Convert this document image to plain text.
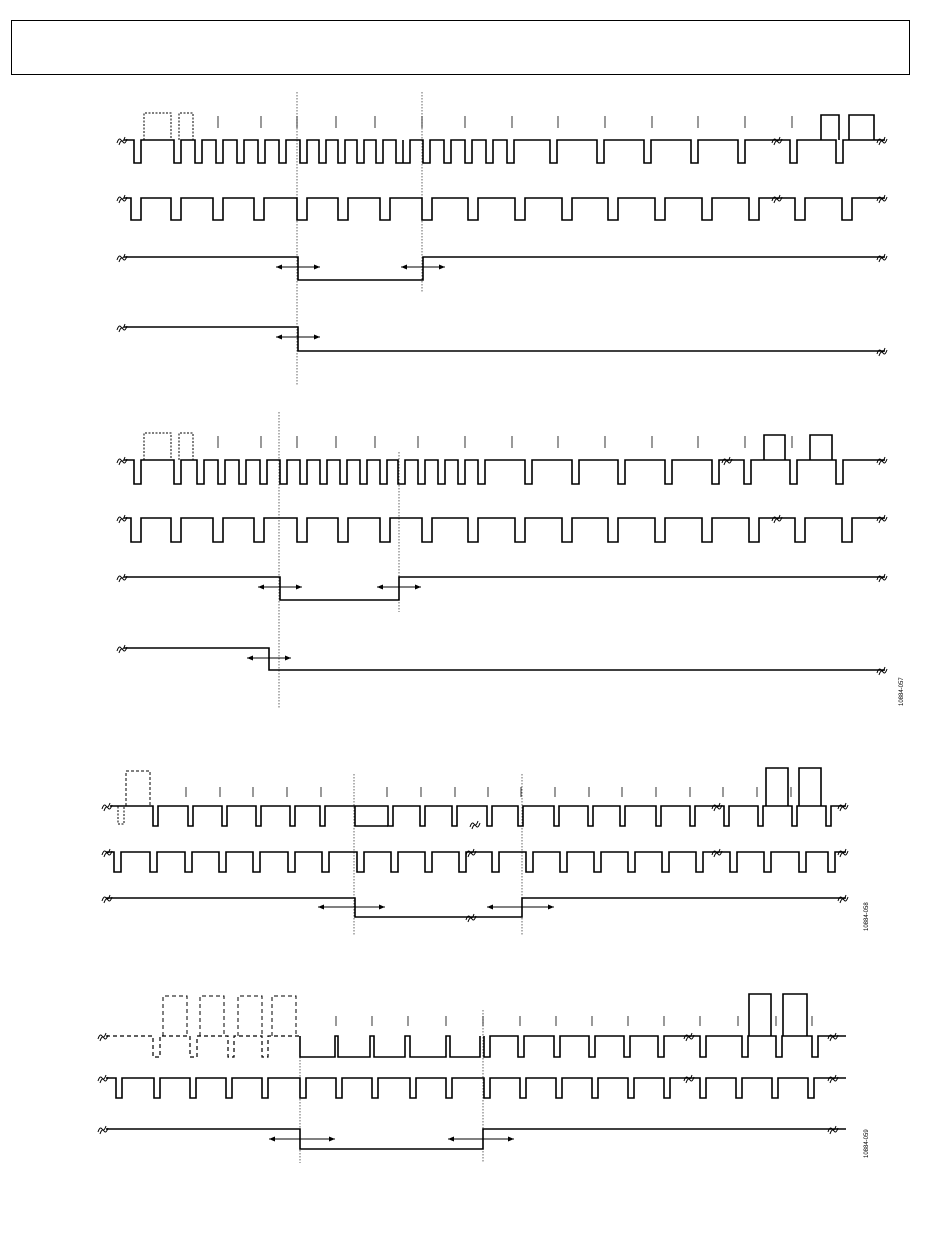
10884-057
10884-058
10884-059
